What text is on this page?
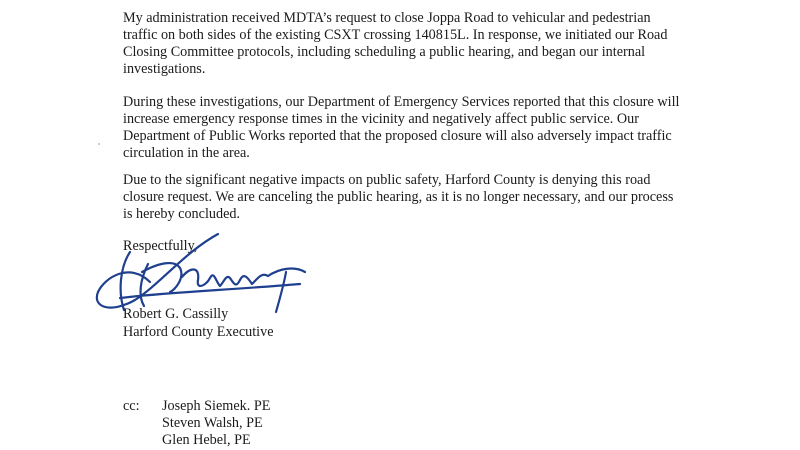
My administration received MDTA’s request to close Joppa Road to vehicular and pedestrian traffic on both sides of the existing CSXT crossing 140815L. In response, we initiated our Road Closing Committee protocols, including scheduling a public hearing, and began our internal investigations.

During these investigations, our Department of Emergency Services reported that this closure will increase emergency response times in the vicinity and negatively affect public service. Our Department of Public Works reported that the proposed closure will also adversely impact traffic circulation in the area.

Due to the significant negative impacts on public safety, Harford County is denying this road closure request. We are canceling the public hearing, as it is no longer necessary, and our process is hereby concluded.

Respectfully,

Robert G. Cassilly

Harford County Executive

cc: Joseph Siemek. PE
Steven Walsh, PE
Glen Hebel, PE
